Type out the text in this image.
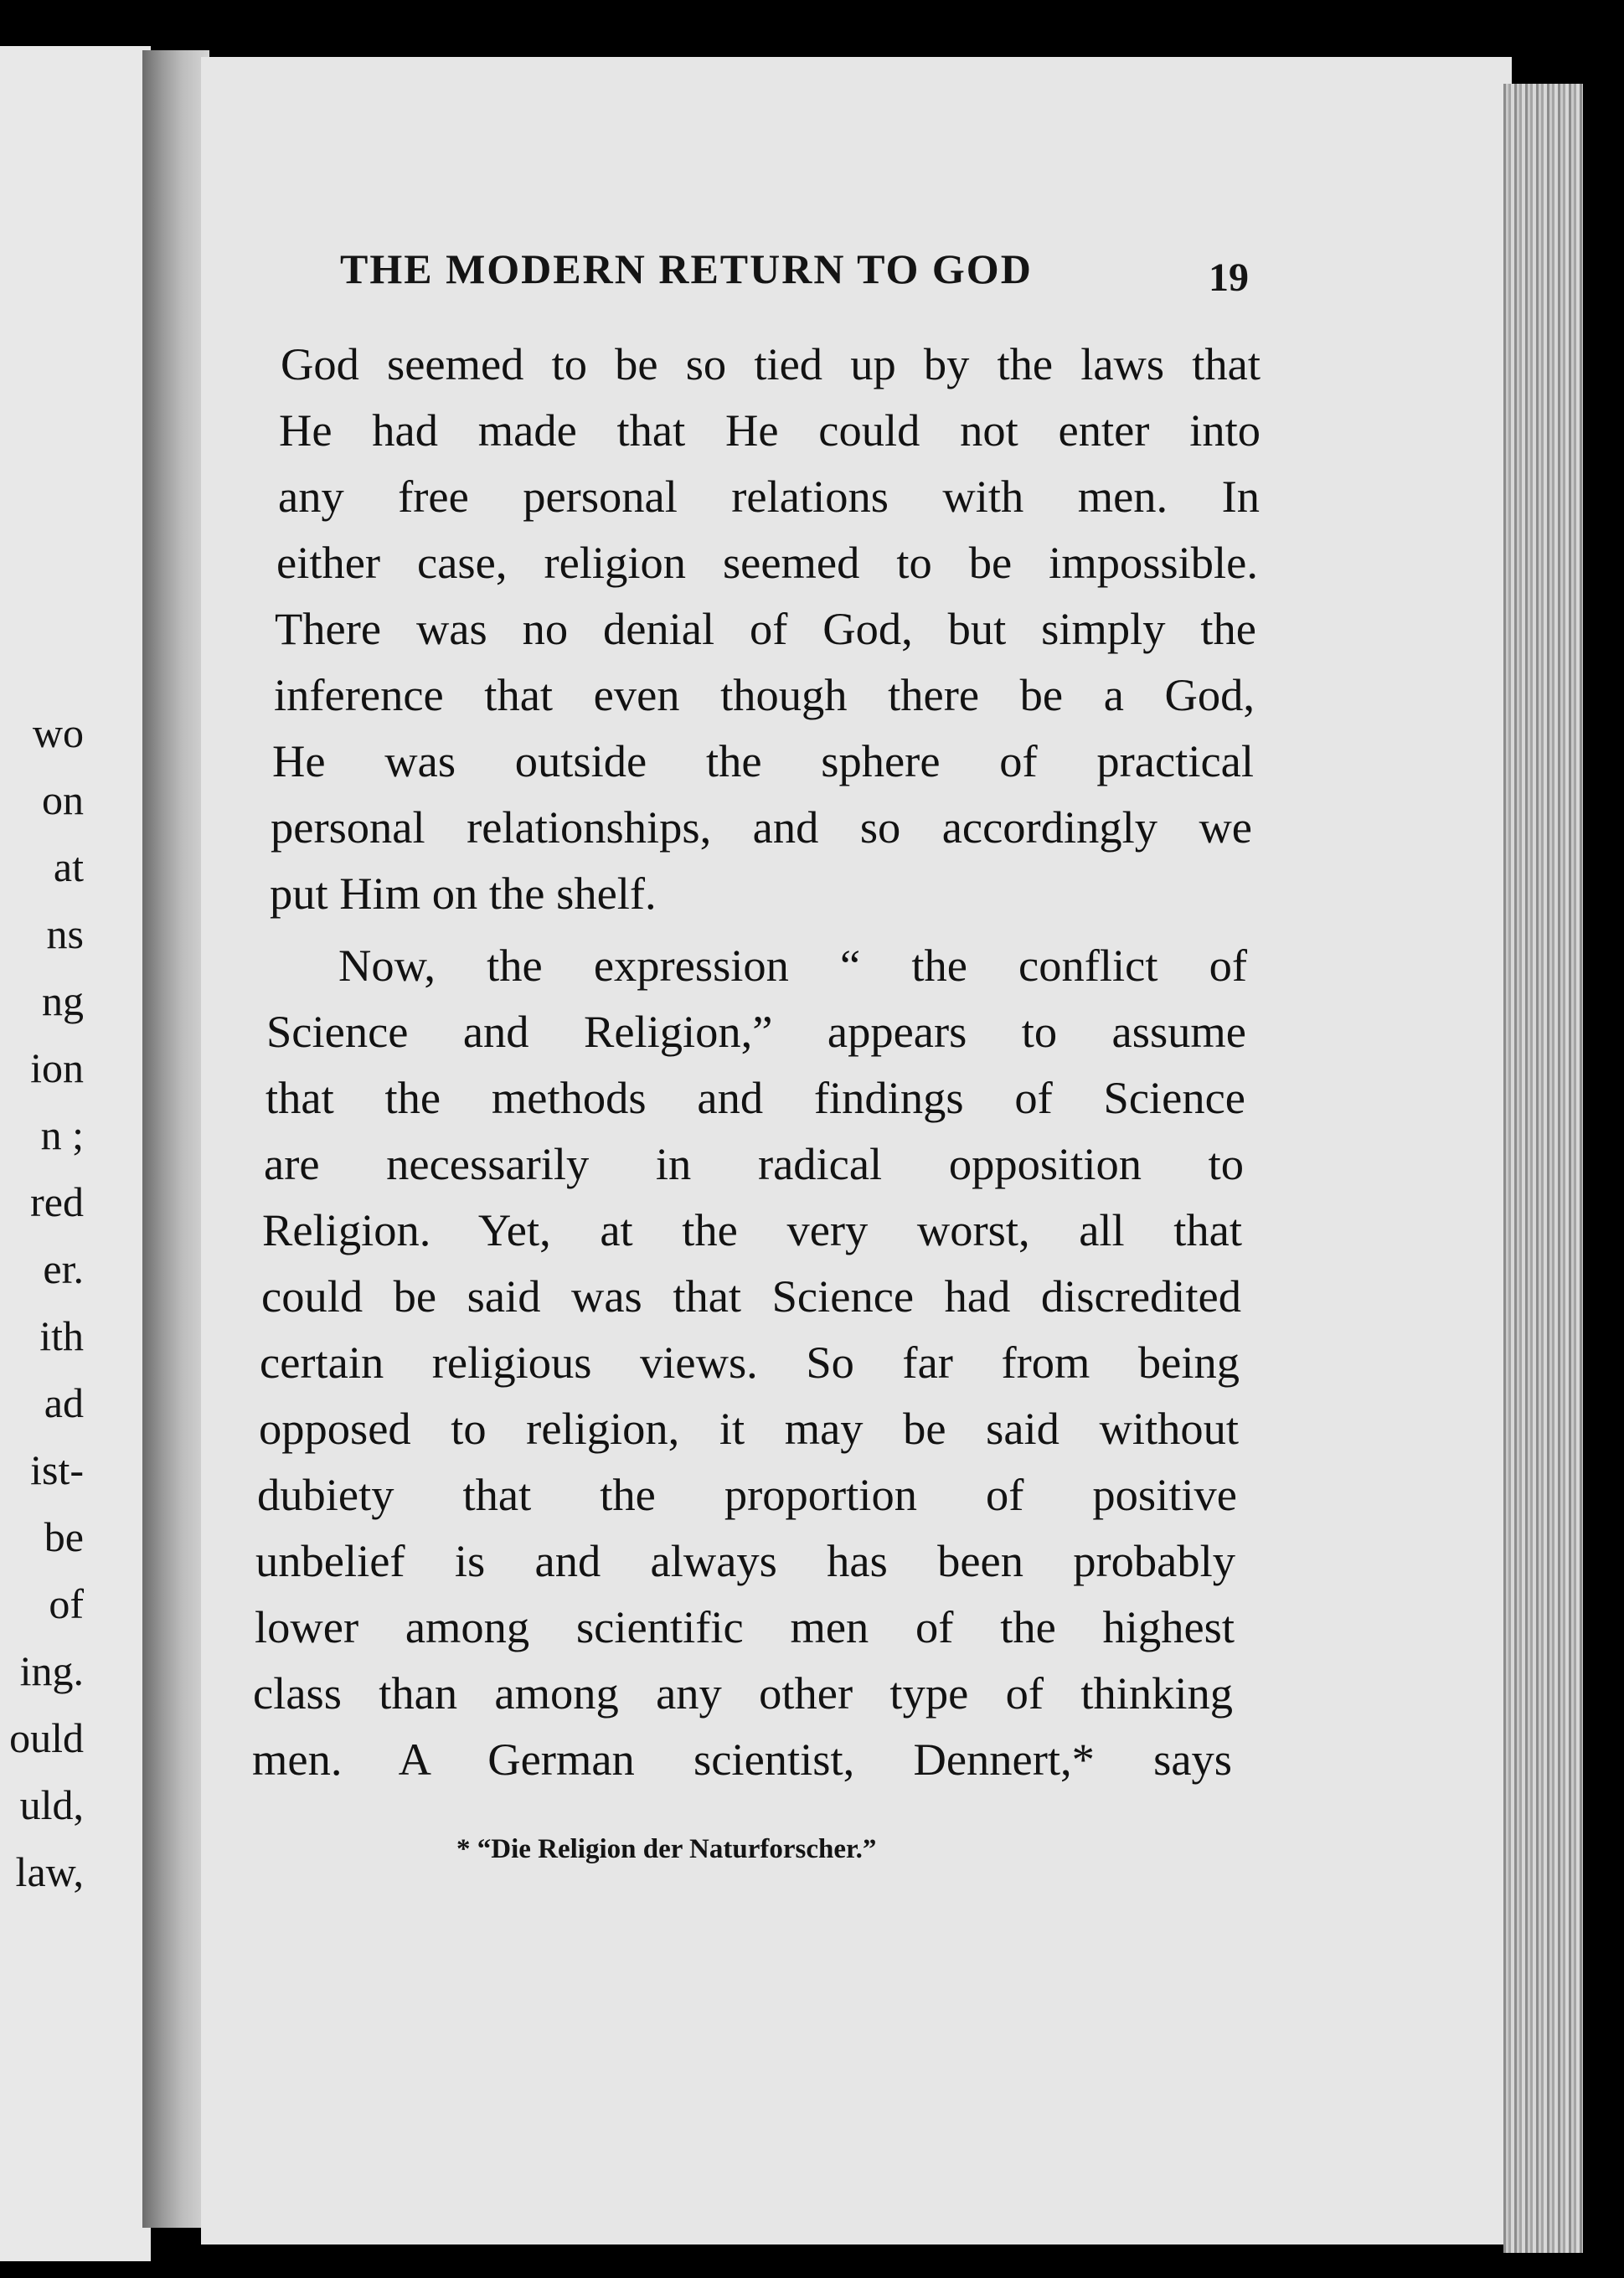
wo
on
at
ns
ng
ion
n ;
red
er.
ith
ad
ist-
be
of
ing.
ould
uld,
law,
THE MODERN RETURN TO GOD	19
God seemed to be so tied up by the laws that
He had made that He could not enter into
any free personal relations with men. In
either case, religion seemed to be impossible.
There was no denial of God, but simply the
inference that even though there be a God,
He was outside the sphere of practical
personal relationships, and so accordingly we
put Him on the shelf.
Now, the expression “ the conflict of
Science and Religion,” appears to assume
that the methods and findings of Science
are necessarily in radical opposition to
Religion. Yet, at the very worst, all that
could be said was that Science had discredited
certain religious views. So far from being
opposed to religion, it may be said without
dubiety that the proportion of positive
unbelief is and always has been probably
lower among scientific men of the highest
class than among any other type of thinking
men. A German scientist, Dennert,* says
* “Die Religion der Naturforscher.”
